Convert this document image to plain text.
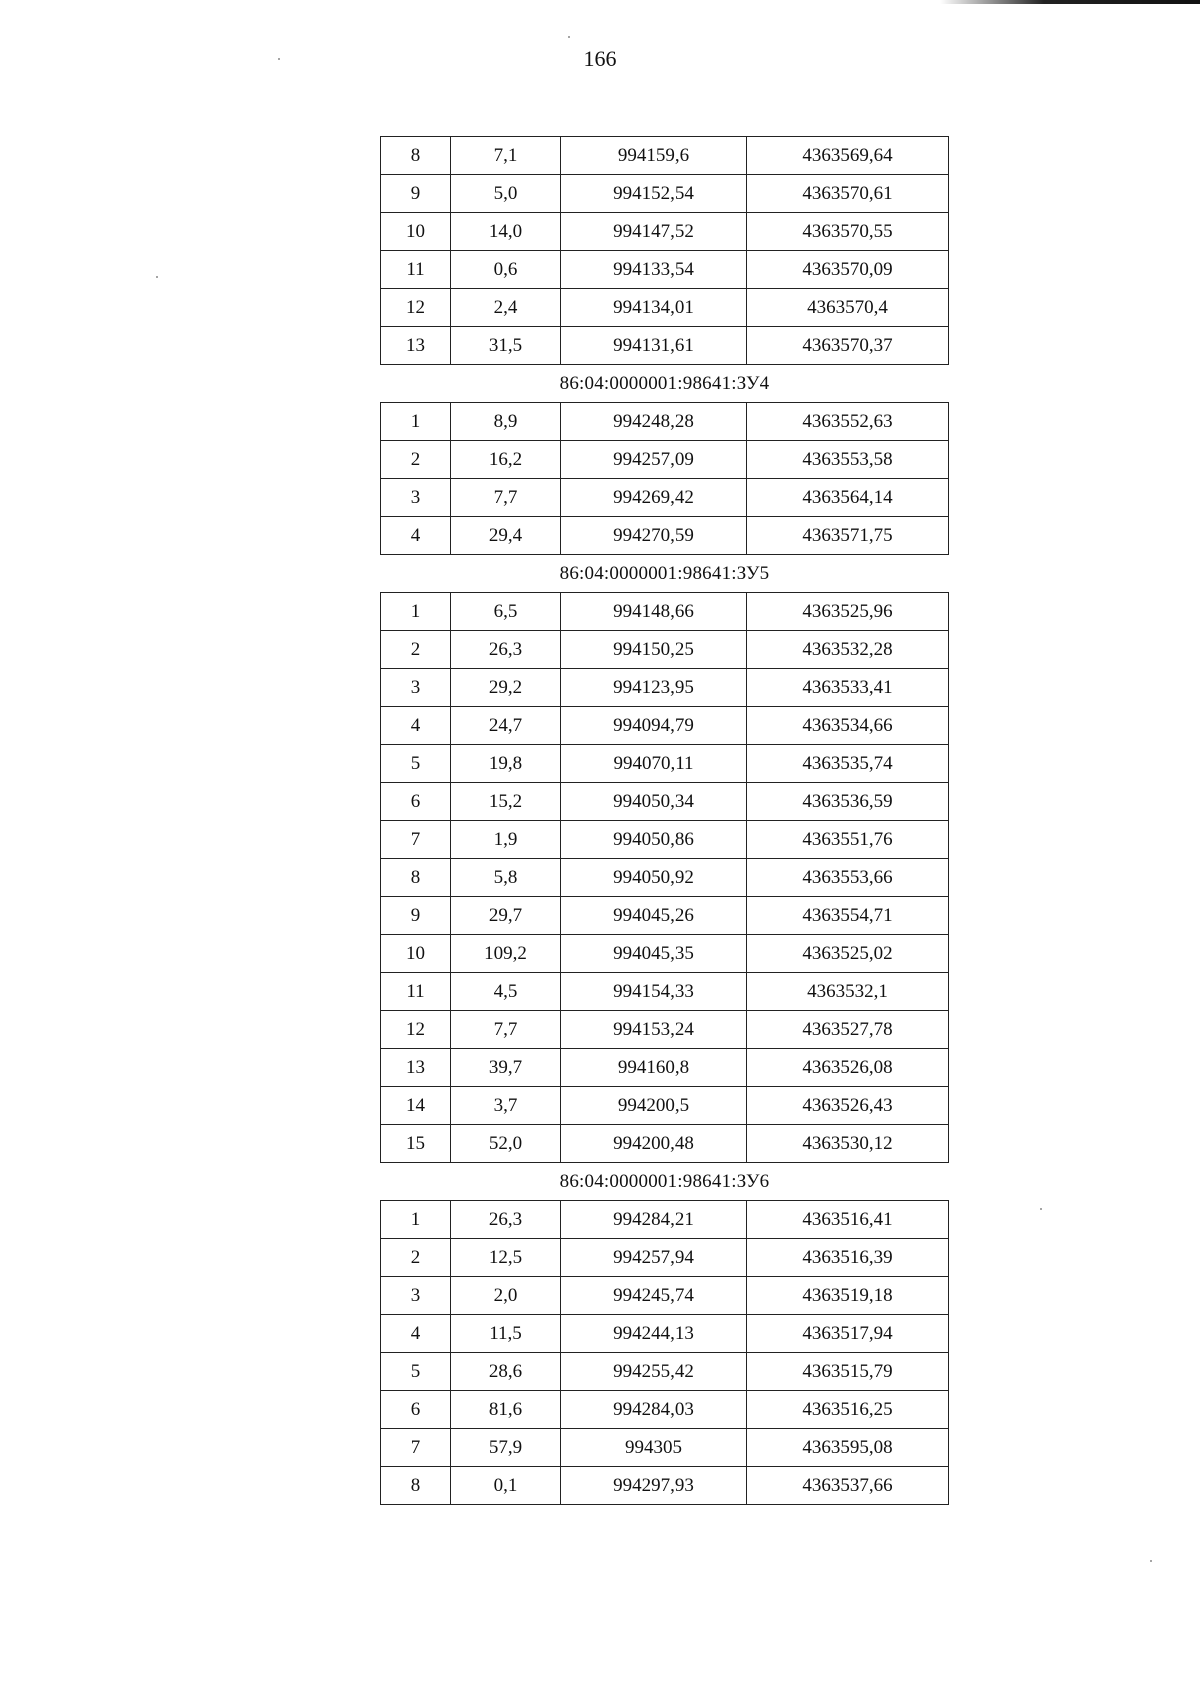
166
8	7,1	994159,6	4363569,64
9	5,0	994152,54	4363570,61
10	14,0	994147,52	4363570,55
11	0,6	994133,54	4363570,09
12	2,4	994134,01	4363570,4
13	31,5	994131,61	4363570,37
86:04:0000001:98641:ЗУ4			
1	8,9	994248,28	4363552,63
2	16,2	994257,09	4363553,58
3	7,7	994269,42	4363564,14
4	29,4	994270,59	4363571,75
86:04:0000001:98641:ЗУ5			
1	6,5	994148,66	4363525,96
2	26,3	994150,25	4363532,28
3	29,2	994123,95	4363533,41
4	24,7	994094,79	4363534,66
5	19,8	994070,11	4363535,74
6	15,2	994050,34	4363536,59
7	1,9	994050,86	4363551,76
8	5,8	994050,92	4363553,66
9	29,7	994045,26	4363554,71
10	109,2	994045,35	4363525,02
11	4,5	994154,33	4363532,1
12	7,7	994153,24	4363527,78
13	39,7	994160,8	4363526,08
14	3,7	994200,5	4363526,43
15	52,0	994200,48	4363530,12
86:04:0000001:98641:ЗУ6			
1	26,3	994284,21	4363516,41
2	12,5	994257,94	4363516,39
3	2,0	994245,74	4363519,18
4	11,5	994244,13	4363517,94
5	28,6	994255,42	4363515,79
6	81,6	994284,03	4363516,25
7	57,9	994305	4363595,08
8	0,1	994297,93	4363537,66
